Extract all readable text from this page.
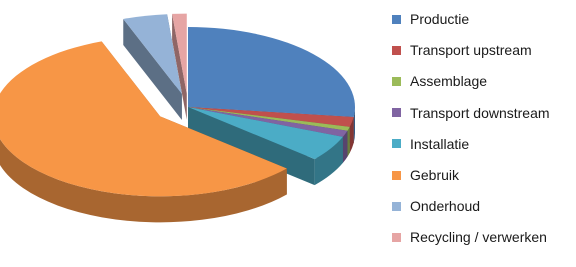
Productie
Transport upstream
Assemblage
Transport downstream
Installatie
Gebruik
Onderhoud
Recycling / verwerken
